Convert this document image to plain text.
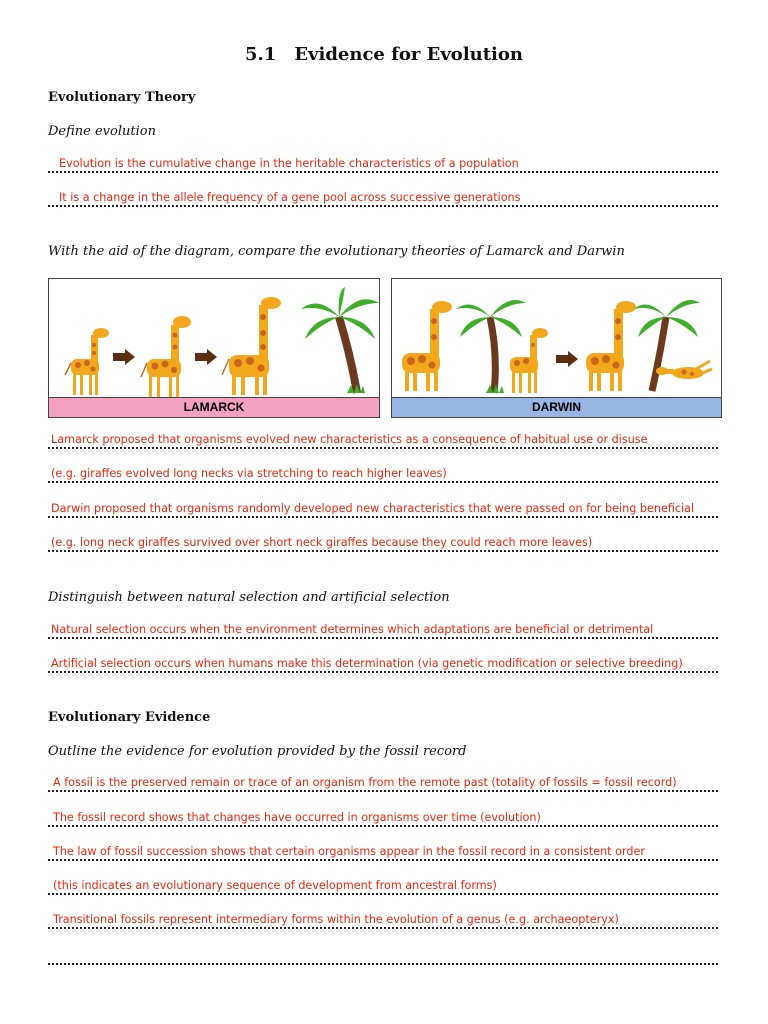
5.1 Evidence for Evolution
Evolutionary Theory
Define evolution
Evolution is the cumulative change in the heritable characteristics of a population
It is a change in the allele frequency of a gene pool across successive generations
With the aid of the diagram, compare the evolutionary theories of Lamarck and Darwin
LAMARCK	DARWIN
Lamarck proposed that organisms evolved new characteristics as a consequence of habitual use or disuse
(e.g. giraffes evolved long necks via stretching to reach higher leaves)
Darwin proposed that organisms randomly developed new characteristics that were passed on for being beneficial
(e.g. long neck giraffes survived over short neck giraffes because they could reach more leaves)
Distinguish between natural selection and artificial selection
Natural selection occurs when the environment determines which adaptations are beneficial or detrimental
Artificial selection occurs when humans make this determination (via genetic modification or selective breeding)
Evolutionary Evidence
Outline the evidence for evolution provided by the fossil record
A fossil is the preserved remain or trace of an organism from the remote past (totality of fossils = fossil record)
The fossil record shows that changes have occurred in organisms over time (evolution)
The law of fossil succession shows that certain organisms appear in the fossil record in a consistent order
(this indicates an evolutionary sequence of development from ancestral forms)
Transitional fossils represent intermediary forms within the evolution of a genus (e.g. archaeopteryx)
